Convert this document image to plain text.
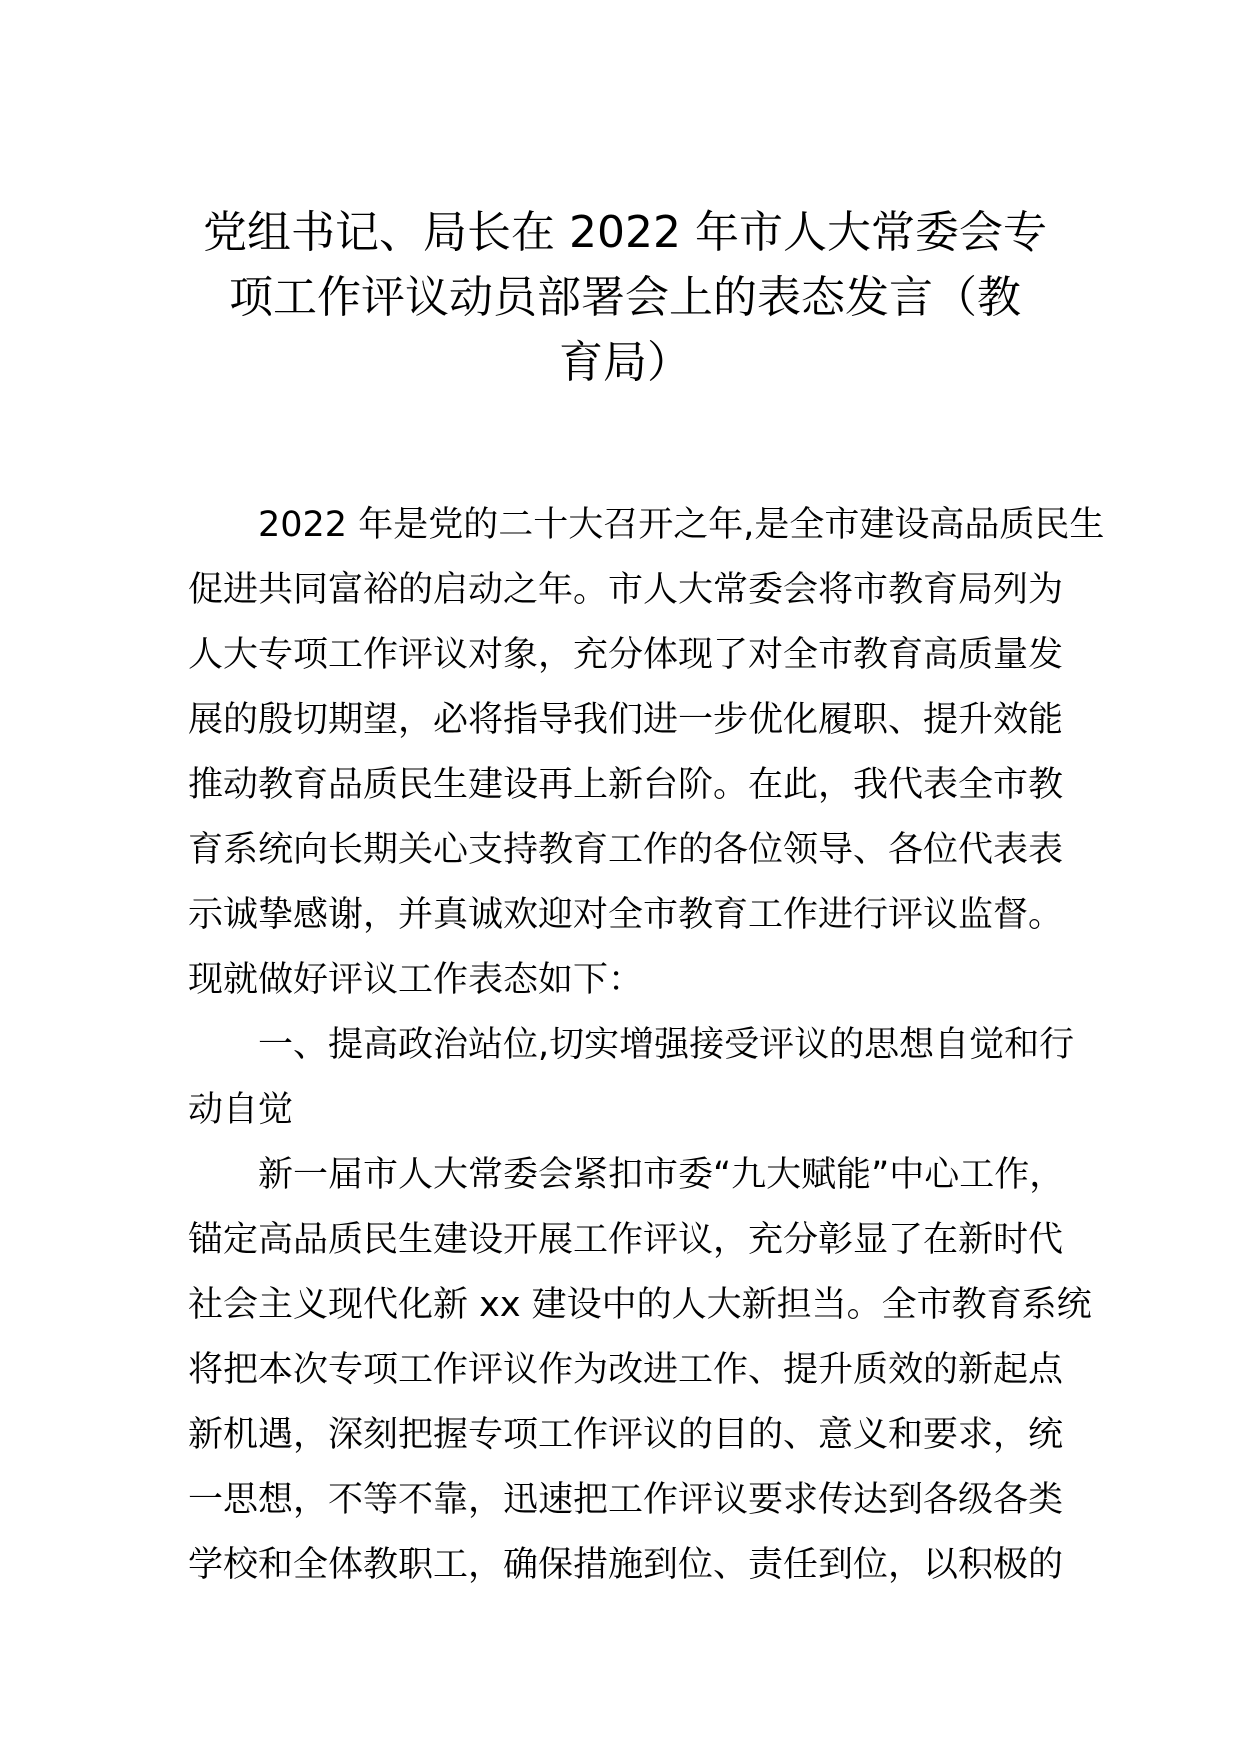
党组书记、局长在 2022 年市人大常委会专
项工作评议动员部署会上的表态发言（教
育局）
2022 年是党的二十大召开之年,是全市建设高品质民生
促进共同富裕的启动之年。市人大常委会将市教育局列为
人大专项工作评议对象，充分体现了对全市教育高质量发
展的殷切期望，必将指导我们进一步优化履职、提升效能
推动教育品质民生建设再上新台阶。在此，我代表全市教
育系统向长期关心支持教育工作的各位领导、各位代表表
示诚挚感谢，并真诚欢迎对全市教育工作进行评议监督。
现就做好评议工作表态如下：
一、提高政治站位,切实增强接受评议的思想自觉和行
动自觉
新一届市人大常委会紧扣市委“九大赋能”中心工作，
锚定高品质民生建设开展工作评议，充分彰显了在新时代
社会主义现代化新 xx 建设中的人大新担当。全市教育系统
将把本次专项工作评议作为改进工作、提升质效的新起点
新机遇，深刻把握专项工作评议的目的、意义和要求，统
一思想，不等不靠，迅速把工作评议要求传达到各级各类
学校和全体教职工，确保措施到位、责任到位，以积极的
